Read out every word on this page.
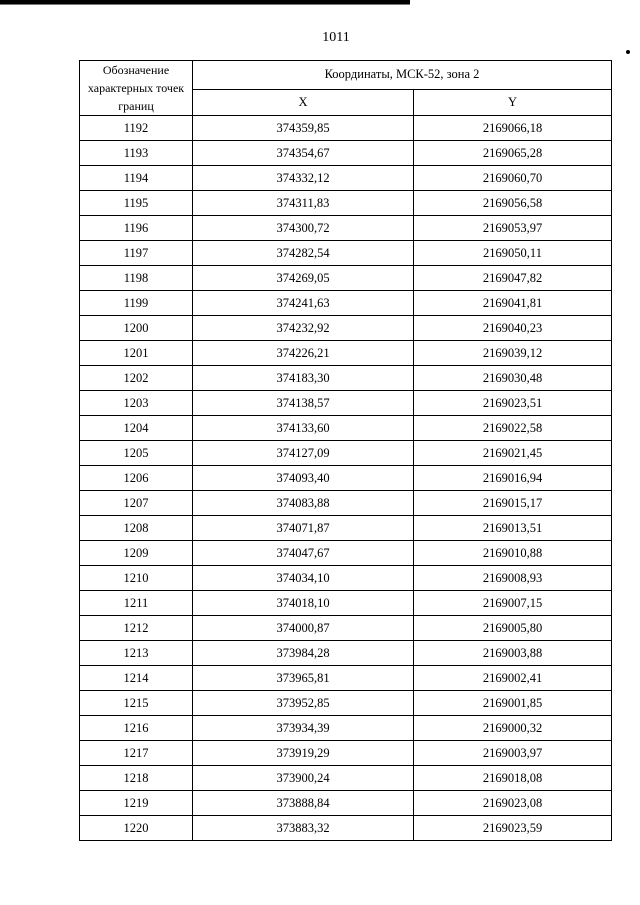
1011
Обозначение характерных точек границ	Координаты, МСК-52, зона 2	
	X	Y
1192	374359,85	2169066,18
1193	374354,67	2169065,28
1194	374332,12	2169060,70
1195	374311,83	2169056,58
1196	374300,72	2169053,97
1197	374282,54	2169050,11
1198	374269,05	2169047,82
1199	374241,63	2169041,81
1200	374232,92	2169040,23
1201	374226,21	2169039,12
1202	374183,30	2169030,48
1203	374138,57	2169023,51
1204	374133,60	2169022,58
1205	374127,09	2169021,45
1206	374093,40	2169016,94
1207	374083,88	2169015,17
1208	374071,87	2169013,51
1209	374047,67	2169010,88
1210	374034,10	2169008,93
1211	374018,10	2169007,15
1212	374000,87	2169005,80
1213	373984,28	2169003,88
1214	373965,81	2169002,41
1215	373952,85	2169001,85
1216	373934,39	2169000,32
1217	373919,29	2169003,97
1218	373900,24	2169018,08
1219	373888,84	2169023,08
1220	373883,32	2169023,59
